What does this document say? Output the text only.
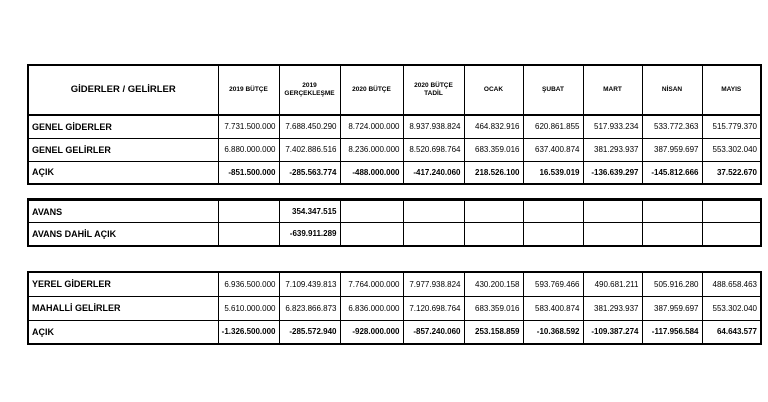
GİDERLER / GELİRLER	2019 BÜTÇE	2019 GERÇEKLEŞME	2020 BÜTÇE	2020 BÜTÇE TADİL	OCAK	ŞUBAT	MART	NİSAN	MAYIS
GENEL GİDERLER	7.731.500.000	7.688.450.290	8.724.000.000	8.937.938.824	464.832.916	620.861.855	517.933.234	533.772.363	515.779.370
GENEL GELİRLER	6.880.000.000	7.402.886.516	8.236.000.000	8.520.698.764	683.359.016	637.400.874	381.293.937	387.959.697	553.302.040
AÇIK	-851.500.000	-285.563.774	-488.000.000	-417.240.060	218.526.100	16.539.019	-136.639.297	-145.812.666	37.522.670
AVANS		354.347.515							
AVANS DAHİL AÇIK		-639.911.289							
YEREL GİDERLER	6.936.500.000	7.109.439.813	7.764.000.000	7.977.938.824	430.200.158	593.769.466	490.681.211	505.916.280	488.658.463
MAHALLİ GELİRLER	5.610.000.000	6.823.866.873	6.836.000.000	7.120.698.764	683.359.016	583.400.874	381.293.937	387.959.697	553.302.040
AÇIK	-1.326.500.000	-285.572.940	-928.000.000	-857.240.060	253.158.859	-10.368.592	-109.387.274	-117.956.584	64.643.577
